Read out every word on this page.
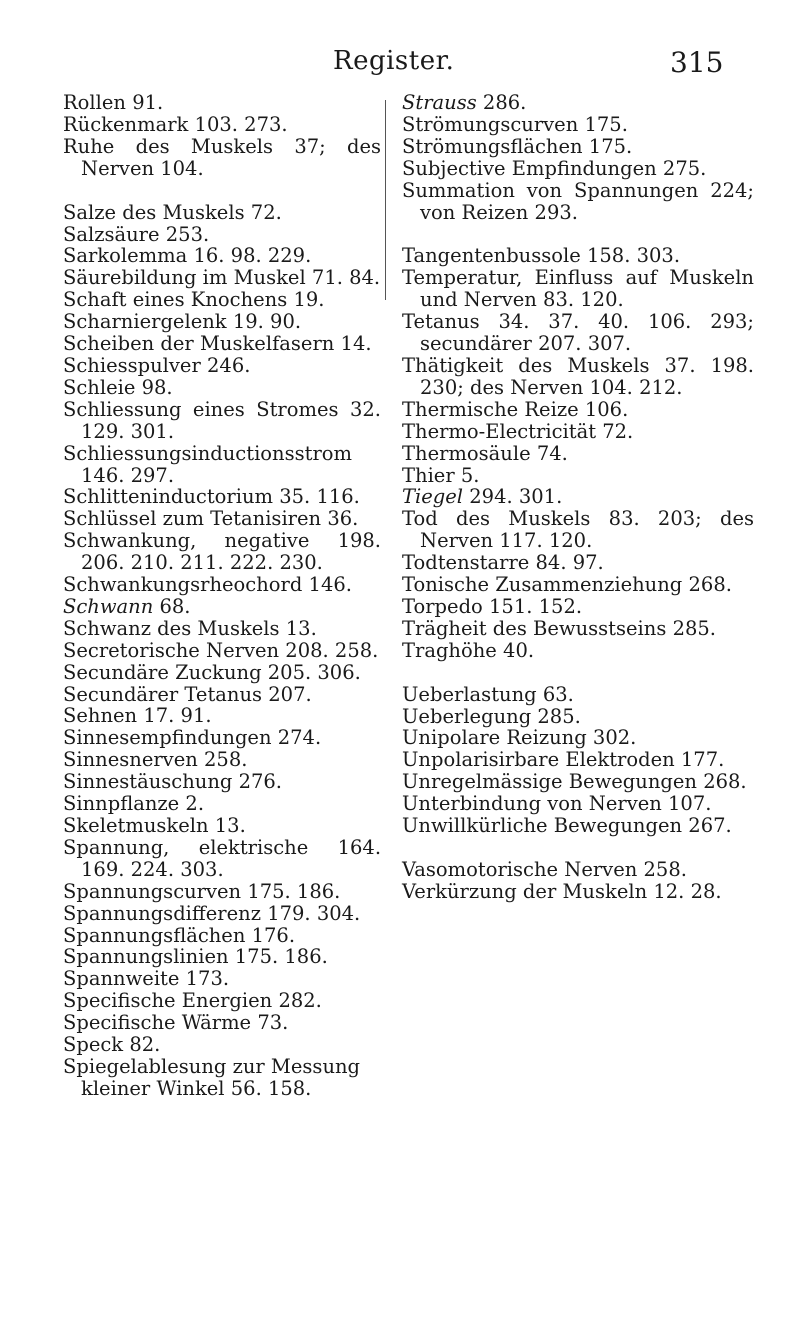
Register.	315
Rollen 91.
Rückenmark 103. 273.
Ruhe des Muskels 37; des Nerven 104.
Salze des Muskels 72.
Salzsäure 253.
Sarkolemma 16. 98. 229.
Säurebildung im Muskel 71. 84.
Schaft eines Knochens 19.
Scharniergelenk 19. 90.
Scheiben der Muskelfasern 14.
Schiesspulver 246.
Schleie 98.
Schliessung eines Stromes 32. 129. 301.
Schliessungsinductionsstrom 146. 297.
Schlitteninductorium 35. 116.
Schlüssel zum Tetanisiren 36.
Schwankung, negative 198. 206. 210. 211. 222. 230.
Schwankungsrheochord 146.
Schwann 68.
Schwanz des Muskels 13.
Secretorische Nerven 208. 258.
Secundäre Zuckung 205. 306.
Secundärer Tetanus 207.
Sehnen 17. 91.
Sinnesempfindungen 274.
Sinnesnerven 258.
Sinnestäuschung 276.
Sinnpflanze 2.
Skeletmuskeln 13.
Spannung, elektrische 164. 169. 224. 303.
Spannungscurven 175. 186.
Spannungsdifferenz 179. 304.
Spannungsflächen 176.
Spannungslinien 175. 186.
Spannweite 173.
Specifische Energien 282.
Specifische Wärme 73.
Speck 82.
Spiegelablesung zur Messung kleiner Winkel 56. 158.
Strauss 286.
Strömungscurven 175.
Strömungsflächen 175.
Subjective Empfindungen 275.
Summation von Spannungen 224; von Reizen 293.
Tangentenbussole 158. 303.
Temperatur, Einfluss auf Muskeln und Nerven 83. 120.
Tetanus 34. 37. 40. 106. 293; secundärer 207. 307.
Thätigkeit des Muskels 37. 198. 230; des Nerven 104. 212.
Thermische Reize 106.
Thermo-Electricität 72.
Thermosäule 74.
Thier 5.
Tiegel 294. 301.
Tod des Muskels 83. 203; des Nerven 117. 120.
Todtenstarre 84. 97.
Tonische Zusammenziehung 268.
Torpedo 151. 152.
Trägheit des Bewusstseins 285.
Traghöhe 40.
Ueberlastung 63.
Ueberlegung 285.
Unipolare Reizung 302.
Unpolarisirbare Elektroden 177.
Unregelmässige Bewegungen 268.
Unterbindung von Nerven 107.
Unwillkürliche Bewegungen 267.
Vasomotorische Nerven 258.
Verkürzung der Muskeln 12. 28.
